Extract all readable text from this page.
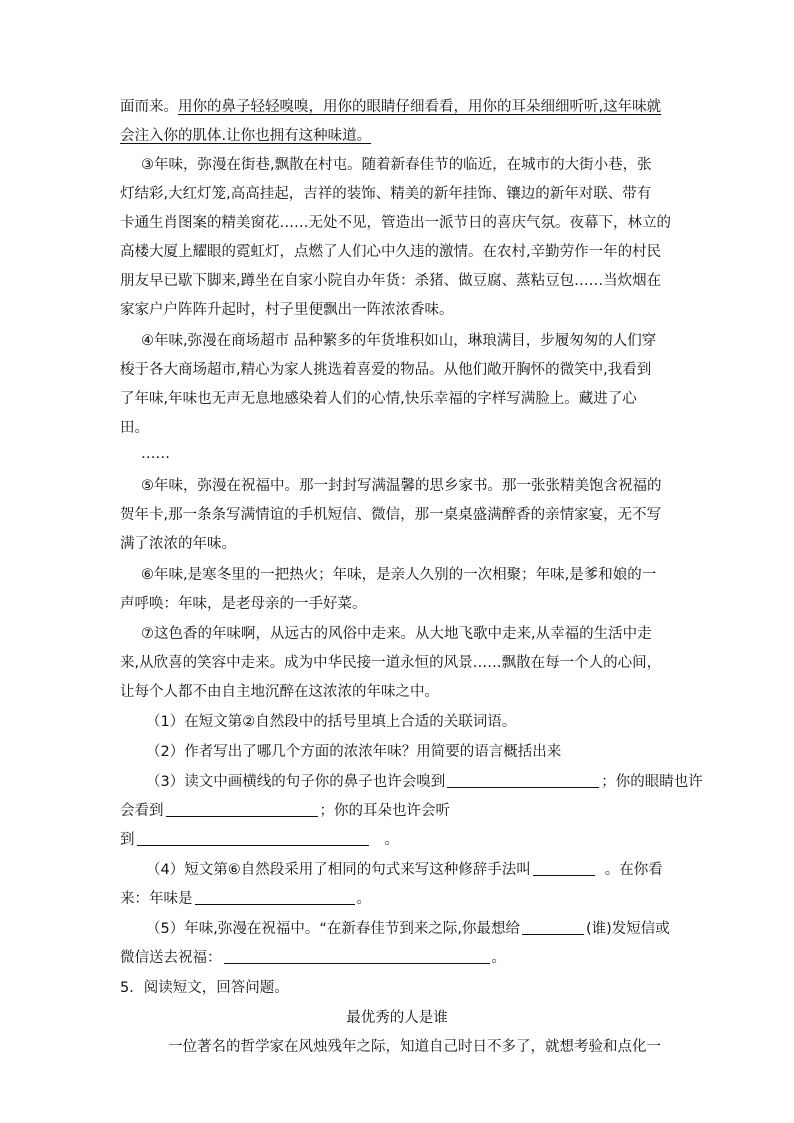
面而来。用你的鼻子轻轻嗅嗅，用你的眼睛仔细看看，用你的耳朵细细听听,这年味就
会注入你的肌体.让你也拥有这种味道。
③年味，弥漫在街巷,飘散在村屯。随着新春佳节的临近，在城市的大街小巷，张
灯结彩,大红灯笼,高高挂起，吉祥的装饰、精美的新年挂饰、镶边的新年对联、带有
卡通生肖图案的精美窗花……无处不见，管造出一派节日的喜庆气氛。夜幕下，林立的
高楼大厦上耀眼的霓虹灯，点燃了人们心中久违的激情。在农村,辛勤劳作一年的村民
朋友早已歇下脚来,蹲坐在自家小院自办年货：杀猪、做豆腐、蒸粘豆包……当炊烟在
家家户户阵阵升起时，村子里便飘出一阵浓浓香味。
④年味,弥漫在商场超市 品种繁多的年货堆积如山，琳琅满目，步履匆匆的人们穿
梭于各大商场超市,精心为家人挑选着喜爱的物品。从他们敞开胸怀的微笑中,我看到
了年味,年味也无声无息地感染着人们的心情,快乐幸福的字样写满脸上。藏进了心
田。
……
⑤年味，弥漫在祝福中。那一封封写满温馨的思乡家书。那一张张精美饱含祝福的
贺年卡,那一条条写满情谊的手机短信、微信，那一桌桌盛满醉香的亲情家宴，无不写
满了浓浓的年味。
⑥年味,是寒冬里的一把热火；年味，是亲人久别的一次相聚；年味,是爹和娘的一
声呼唤：年味，是老母亲的一手好菜。
⑦这色香的年味啊，从远古的风俗中走来。从大地飞歌中走来,从幸福的生活中走
来,从欣喜的笑容中走来。成为中华民接一道永恒的风景……飘散在每一个人的心间，
让每个人都不由自主地沉醉在这浓浓的年味之中。
（1）在短文第②自然段中的括号里填上合适的关联词语。
（2）作者写出了哪几个方面的浓浓年味？用简要的语言概括出来
（3）读文中画横线的句子你的鼻子也许会嗅到	；你的眼睛也许
会看到	；你的耳朵也许会听
到	。
（4）短文第⑥自然段采用了相同的句式来写这种修辞手法叫	。在你看
来：年味是	。
（5）年味,弥漫在祝福中。“在新春佳节到来之际,你最想给	(谁)发短信或
微信送去祝福：	。
5．阅读短文，回答问题。
最优秀的人是谁
一位著名的哲学家在风烛残年之际，知道自己时日不多了，就想考验和点化一
